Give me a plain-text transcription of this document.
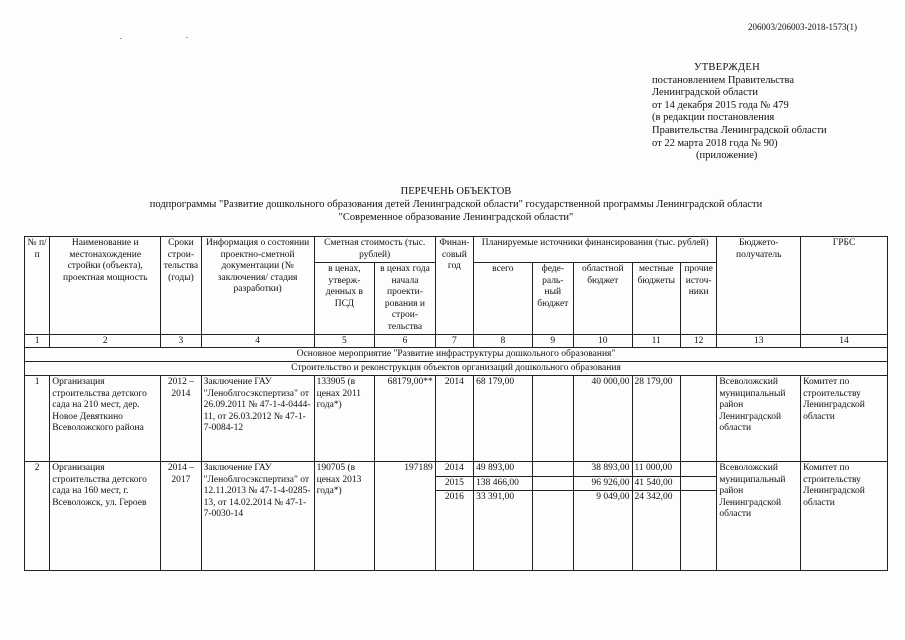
206003/206003-2018-1573(1)
УТВЕРЖДЕН
постановлением Правительства
Ленинградской области
от 14 декабря 2015 года № 479
(в редакции постановления
Правительства Ленинградской области
от 22 марта 2018 года № 90)
(приложение)
ПЕРЕЧЕНЬ ОБЪЕКТОВ
подпрограммы "Развитие дошкольного образования детей Ленинградской области" государственной программы Ленинградской области
"Современное образование Ленинградской области"
№ п/п	Наименование и местонахождение стройки (объекта), проектная мощность	Сроки строи-тельства (годы)	Информация о состоянии проектно-сметной документации (№ заключения/ стадия разработки)	Сметная стоимость (тыс. рублей)		Финан-совый год	Планируемые источники финансирования (тыс. рублей)					Бюджето-получатель	ГРБС
				в ценах, утверж-денных в ПСД	в ценах года начала проекти-рования и строи-тельства		всего	феде-раль-ный бюджет	областной бюджет	местные бюджеты	прочие источ-ники		
1	2	3	4	5	6	7	8	9	10	11	12	13	14
Основное мероприятие "Развитие инфраструктуры дошкольного образования"													
Строительство и реконструкция объектов организаций дошкольного образования													
1	Организация строительства детского сада на 210 мест, дер. Новое Девяткино Всеволожского района	2012 – 2014	Заключение ГАУ "Леноблгосэкспертиза" от 26.09.2011 № 47-1-4-0444-11, от 26.03.2012 № 47-1-7-0084-12	133905 (в ценах 2011 года*)	68179,00**	2014	68 179,00		40 000,00	28 179,00		Всеволожский муниципальный район Ленинградской области	Комитет по строительству Ленинградской области
2	Организация строительства детского сада на 160 мест, г. Всеволожск, ул. Героев	2014 – 2017	Заключение ГАУ "Леноблгосэкспертиза" от 12.11.2013 № 47-1-4-0285-13, от 14.02.2014 № 47-1-7-0030-14	190705 (в ценах 2013 года*)	197189	2014	49 893,00		38 893,00	11 000,00		Всеволожский муниципальный район Ленинградской области	Комитет по строительству Ленинградской области
						2015	138 466,00		96 926,00	41 540,00			
						2016	33 391,00		9 049,00	24 342,00			
